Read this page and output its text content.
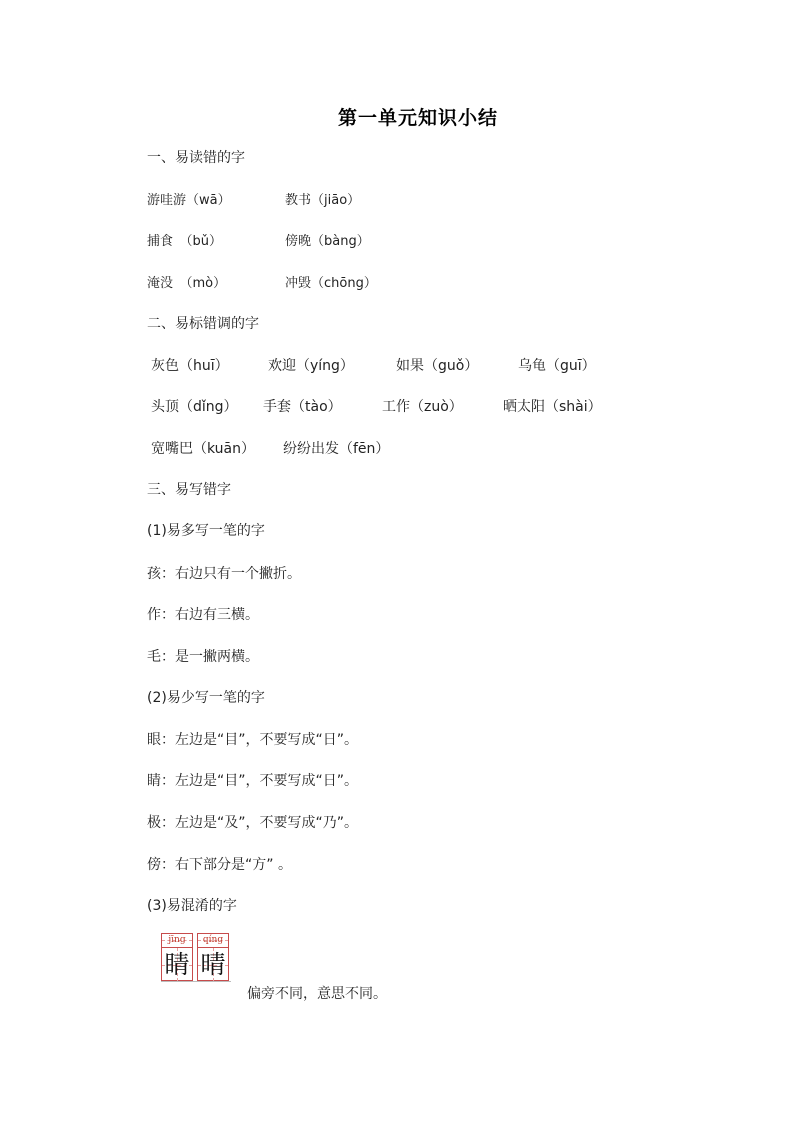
第一单元知识小结
一、易读错的字
游哇游（wā）	教书（jiāo）
捕食　（bǔ）	傍晚（bàng）
淹没　（mò）	冲毁（chōng）
二、易标错调的字
灰色（huī）	欢迎（yíng）	如果（guǒ）	乌龟（guī）
头顶（dǐng） 手套（tào）	工作（zuò）	晒太阳（shài）
宽嘴巴（kuān） 纷纷出发（fēn）
三、易写错字
(1)易多写一笔的字
孩：右边只有一个撇折。
作：右边有三横。
毛：是一撇两横。
(2)易少写一笔的字
眼：左边是“目”，不要写成“日”。
睛：左边是“目”，不要写成“日”。
极：左边是“及”，不要写成“乃”。
傍：右下部分是“方” 。
(3)易混淆的字
jīng
睛
qíng
晴
偏旁不同，意思不同。
